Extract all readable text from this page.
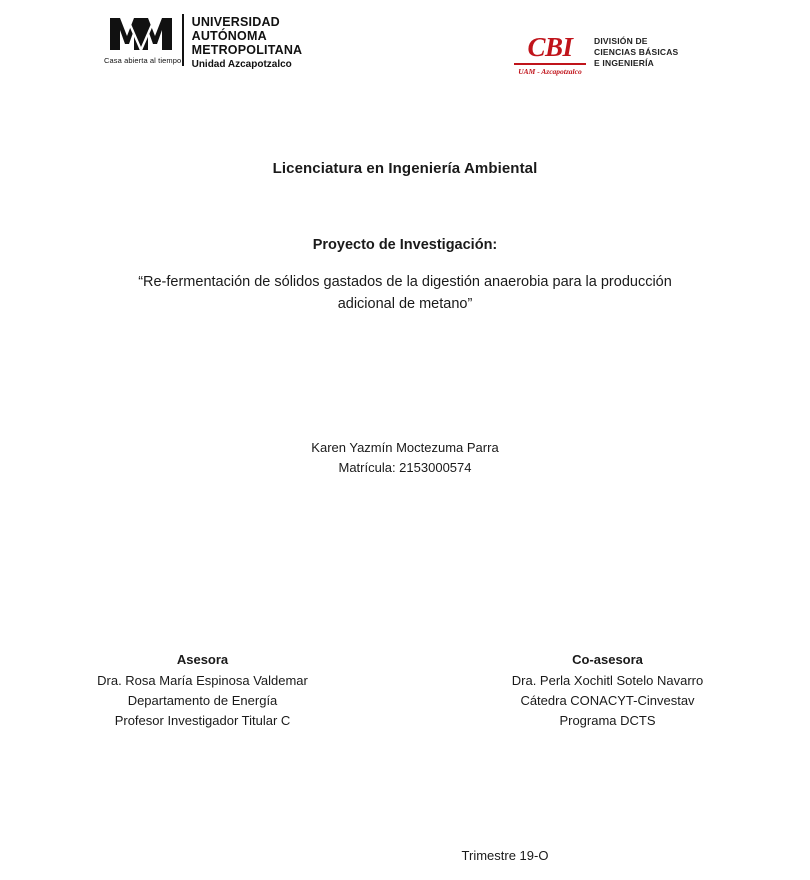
Casa abierta al tiempo
UNIVERSIDAD
AUTÓNOMA
METROPOLITANA
Unidad Azcapotzalco
CBI
UAM - Azcapotzalco
DIVISIÓN DE
CIENCIAS BÁSICAS
E INGENIERÍA
Licenciatura en Ingeniería Ambiental
Proyecto de Investigación:
“Re-fermentación de sólidos gastados de la digestión anaerobia para la producción adicional de metano”
Karen Yazmín Moctezuma Parra
Matrícula: 2153000574
Asesora
Dra. Rosa María Espinosa Valdemar
Departamento de Energía
Profesor Investigador Titular C
Co-asesora
Dra. Perla Xochitl Sotelo Navarro
Cátedra CONACYT-Cinvestav
Programa DCTS
Trimestre 19-O
